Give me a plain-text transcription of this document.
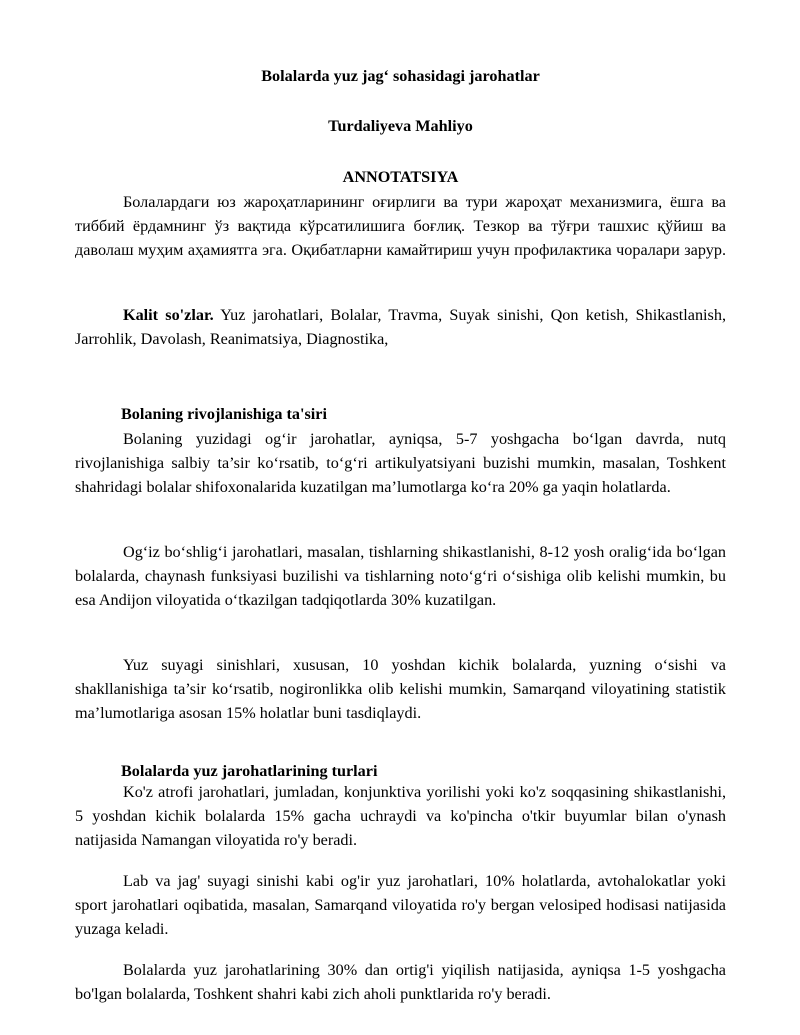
Bolalarda yuz jag‘ sohasidagi jarohatlar

Turdaliyeva Mahliyo

ANNOTATSIYA

Болалардаги юз жароҳатларининг оғирлиги ва тури жароҳат механизмига, ёшга ва тиббий ёрдамнинг ўз вақтида кўрсатилишига боғлиқ. Тезкор ва тўғри ташхис қўйиш ва даволаш муҳим аҳамиятга эга. Оқибатларни камайтириш учун профилактика чоралари зарур.

Kalit so'zlar. Yuz jarohatlari, Bolalar, Travma, Suyak sinishi, Qon ketish, Shikastlanish, Jarrohlik, Davolash, Reanimatsiya, Diagnostika,

Bolaning rivojlanishiga ta'siri

Bolaning yuzidagi og‘ir jarohatlar, ayniqsa, 5-7 yoshgacha bo‘lgan davrda, nutq rivojlanishiga salbiy ta’sir ko‘rsatib, to‘g‘ri artikulyatsiyani buzishi mumkin, masalan, Toshkent shahridagi bolalar shifoxonalarida kuzatilgan ma’lumotlarga ko‘ra 20% ga yaqin holatlarda.

Og‘iz bo‘shlig‘i jarohatlari, masalan, tishlarning shikastlanishi, 8-12 yosh oralig‘ida bo‘lgan bolalarda, chaynash funksiyasi buzilishi va tishlarning noto‘g‘ri o‘sishiga olib kelishi mumkin, bu esa Andijon viloyatida o‘tkazilgan tadqiqotlarda 30% kuzatilgan.

Yuz suyagi sinishlari, xususan, 10 yoshdan kichik bolalarda, yuzning o‘sishi va shakllanishiga ta’sir ko‘rsatib, nogironlikka olib kelishi mumkin, Samarqand viloyatining statistik ma’lumotlariga asosan 15% holatlar buni tasdiqlaydi.

Bolalarda yuz jarohatlarining turlari

Ko'z atrofi jarohatlari, jumladan, konjunktiva yorilishi yoki ko'z soqqasining shikastlanishi, 5 yoshdan kichik bolalarda 15% gacha uchraydi va ko'pincha o'tkir buyumlar bilan o'ynash natijasida Namangan viloyatida ro'y beradi.

Lab va jag' suyagi sinishi kabi og'ir yuz jarohatlari, 10% holatlarda, avtohalokatlar yoki sport jarohatlari oqibatida, masalan, Samarqand viloyatida ro'y bergan velosiped hodisasi natijasida yuzaga keladi.

Bolalarda yuz jarohatlarining 30% dan ortig'i yiqilish natijasida, ayniqsa 1-5 yoshgacha bo'lgan bolalarda, Toshkent shahri kabi zich aholi punktlarida ro'y beradi.
